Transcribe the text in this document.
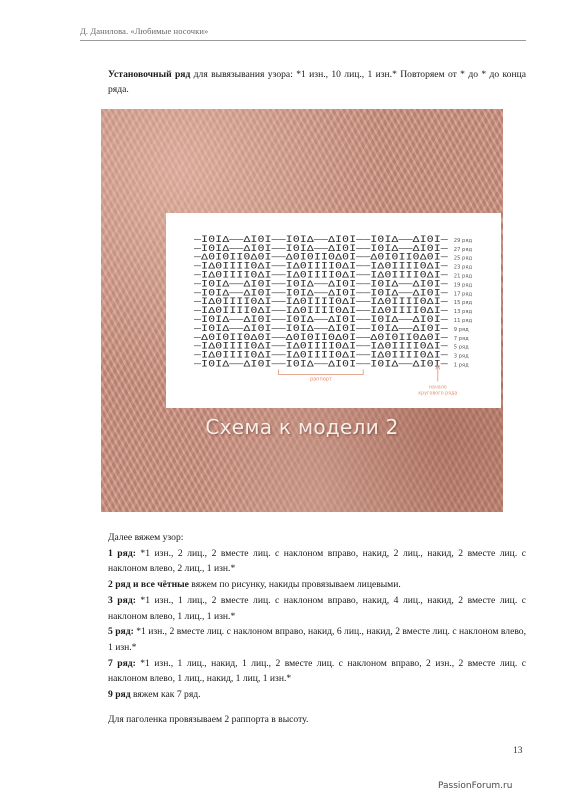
Д. Данилова. «Любимые носочки»
Установочный ряд для вывязывания узора: *1 изн., 10 лиц., 1 изн.* Повторяем от * до * до конца ряда.
—I0I∆——∆I0I——I0I∆——∆I0I——I0I∆——∆I0I— 29 ряд
—I0I∆——∆I0I——I0I∆——∆I0I——I0I∆——∆I0I— 27 ряд
—∆0I0II0∆0I——∆0I0II0∆0I——∆0I0II0∆0I— 25 ряд
—I∆0IIII0∆I——I∆0IIII0∆I——I∆0IIII0∆I— 23 ряд
—I∆0IIII0∆I——I∆0IIII0∆I——I∆0IIII0∆I— 21 ряд
—I0I∆——∆I0I——I0I∆——∆I0I——I0I∆——∆I0I— 19 ряд
—I0I∆——∆I0I——I0I∆——∆I0I——I0I∆——∆I0I— 17 ряд
—I∆0IIII0∆I——I∆0IIII0∆I——I∆0IIII0∆I— 15 ряд
—I∆0IIII0∆I——I∆0IIII0∆I——I∆0IIII0∆I— 13 ряд
—I0I∆——∆I0I——I0I∆——∆I0I——I0I∆——∆I0I— 11 ряд
—I0I∆——∆I0I——I0I∆——∆I0I——I0I∆——∆I0I— 9 ряд
—∆0I0II0∆0I——∆0I0II0∆0I——∆0I0II0∆0I— 7 ряд
—I∆0IIII0∆I——I∆0IIII0∆I——I∆0IIII0∆I— 5 ряд
—I∆0IIII0∆I——I∆0IIII0∆I——I∆0IIII0∆I— 3 ряд
—I0I∆——∆I0I——I0I∆——∆I0I——I0I∆——∆I0I— 1 ряд
раппорт
начало
кругового ряда
Схема к модели 2

Далее вяжем узор:

1 ряд: *1 изн., 2 лиц., 2 вместе лиц. с наклоном вправо, накид, 2 лиц., накид, 2 вместе лиц. с наклоном влево, 2 лиц., 1 изн.*

2 ряд и все чётные вяжем по рисунку, накиды провязываем лицевыми.

3 ряд: *1 изн., 1 лиц., 2 вместе лиц. с наклоном вправо, накид, 4 лиц., накид, 2 вместе лиц. с наклоном влево, 1 лиц., 1 изн.*

5 ряд: *1 изн., 2 вместе лиц. с наклоном вправо, накид, 6 лиц., накид, 2 вместе лиц. с наклоном влево, 1 изн.*

7 ряд: *1 изн., 1 лиц., накид, 1 лиц., 2 вместе лиц. с наклоном вправо, 2 изн., 2 вместе лиц. с наклоном влево, 1 лиц., накид, 1 лиц, 1 изн.*

9 ряд вяжем как 7 ряд.

Для паголенка провязываем 2 раппорта в высоту.

13
PassionForum.ru
